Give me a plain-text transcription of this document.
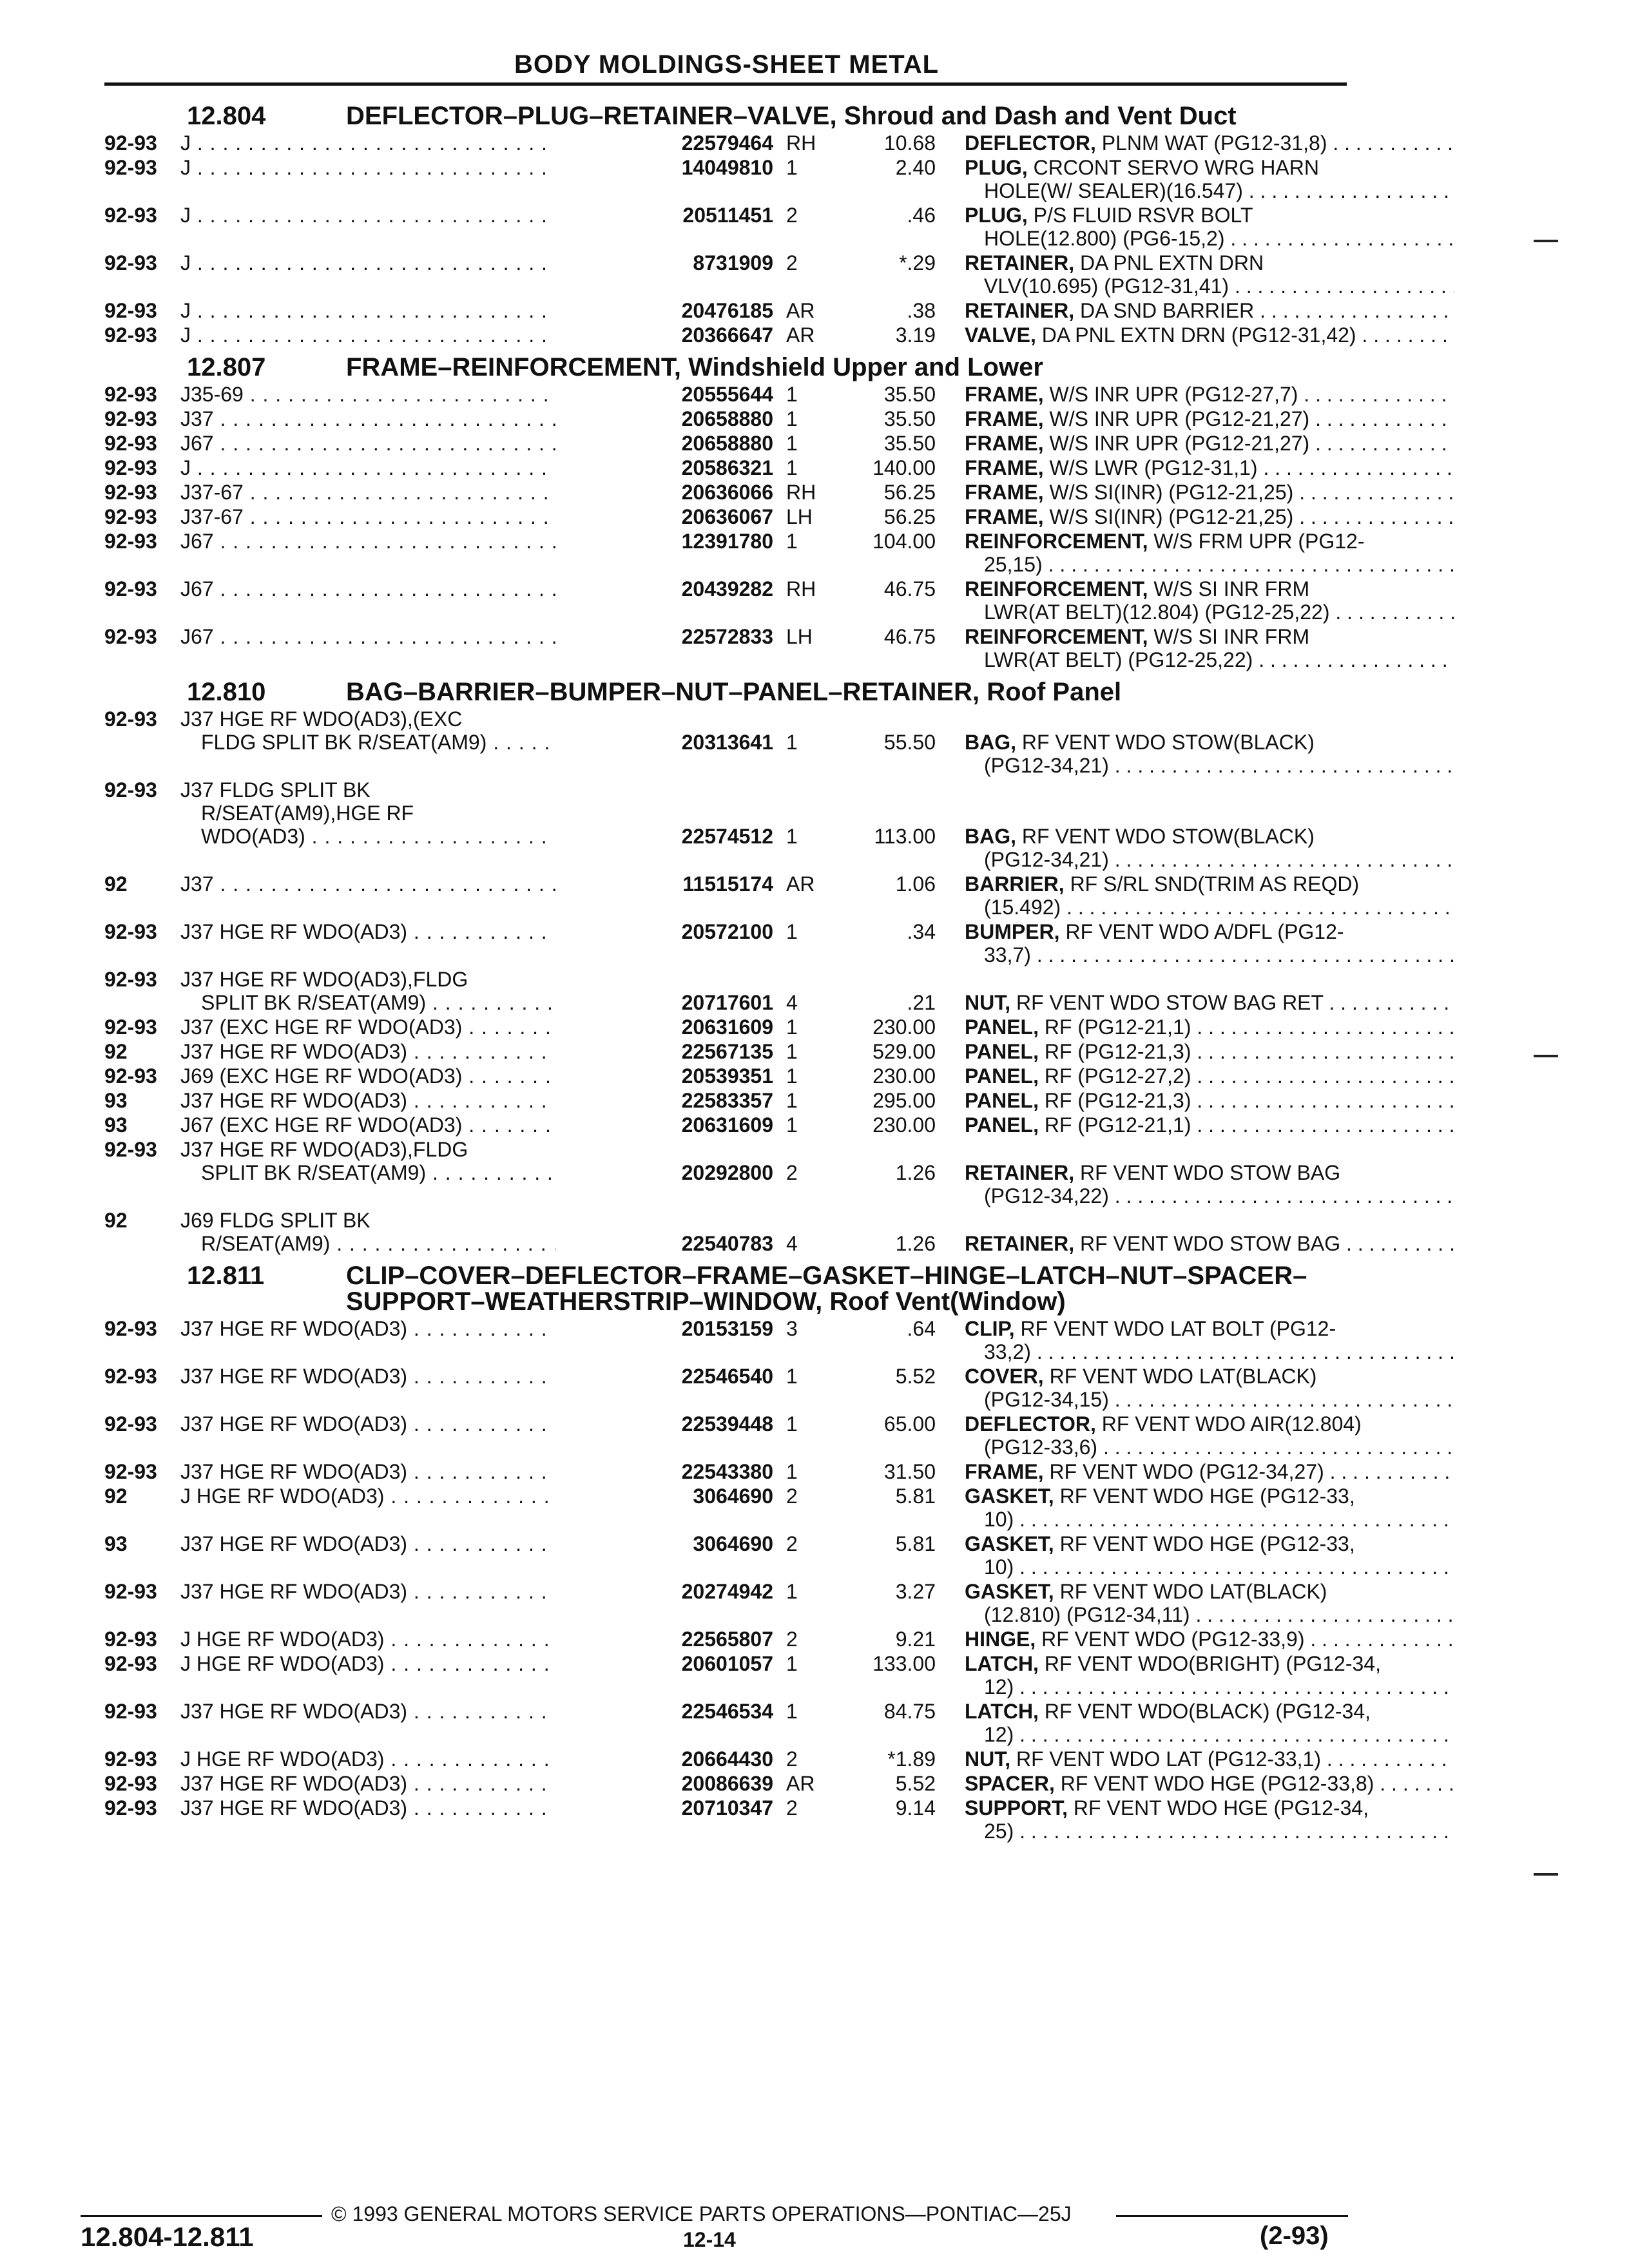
BODY MOLDINGS-SHEET METAL
12.804	DEFLECTOR–PLUG–RETAINER–VALVE, Shroud and Dash and Vent Duct
92-93	J . . .	22579464 RH	10.68 DEFLECTOR, PLNM WAT (PG12-31,8) . . .
92-93	J . . .	14049810 1	2.40 PLUG, CRCONT SERVO WRG HARN
HOLE(W/ SEALER)(16.547) . . .
92-93	J . . .	20511451 2	.46 PLUG, P/S FLUID RSVR BOLT
HOLE(12.800) (PG6-15,2) . . .
92-93	J . . .	8731909 2	*.29 RETAINER, DA PNL EXTN DRN
VLV(10.695) (PG12-31,41) . . .
92-93	J . . .	20476185 AR	.38 RETAINER, DA SND BARRIER . . .
92-93	J . . .	20366647 AR	3.19 VALVE, DA PNL EXTN DRN (PG12-31,42) . . .
12.807	FRAME–REINFORCEMENT, Windshield Upper and Lower
92-93	J35-69 . . .	20555644 1	35.50 FRAME, W/S INR UPR (PG12-27,7) . . .
92-93	J37 . . .	20658880 1	35.50 FRAME, W/S INR UPR (PG12-21,27) . . .
92-93	J67 . . .	20658880 1	35.50 FRAME, W/S INR UPR (PG12-21,27) . . .
92-93	J . . .	20586321 1	140.00 FRAME, W/S LWR (PG12-31,1) . . .
92-93	J37-67 . . .	20636066 RH	56.25 FRAME, W/S SI(INR) (PG12-21,25) . . .
92-93	J37-67 . . .	20636067 LH	56.25 FRAME, W/S SI(INR) (PG12-21,25) . . .
92-93	J67 . . .	12391780 1	104.00 REINFORCEMENT, W/S FRM UPR (PG12-
25,15) . . .
92-93	J67 . . .	20439282 RH	46.75 REINFORCEMENT, W/S SI INR FRM
LWR(AT BELT)(12.804) (PG12-25,22) . . .
92-93	J67 . . .	22572833 LH	46.75 REINFORCEMENT, W/S SI INR FRM
LWR(AT BELT) (PG12-25,22) . . .
12.810	BAG–BARRIER–BUMPER–NUT–PANEL–RETAINER, Roof Panel
92-93	J37 HGE RF WDO(AD3),(EXC
FLDG SPLIT BK R/SEAT(AM9) . . .	20313641 1	55.50 BAG, RF VENT WDO STOW(BLACK)
(PG12-34,21) . . .
92-93	J37 FLDG SPLIT BK
R/SEAT(AM9),HGE RF
WDO(AD3) . . .	22574512 1	113.00 BAG, RF VENT WDO STOW(BLACK)
(PG12-34,21) . . .
92	J37 . . .	11515174 AR	1.06 BARRIER, RF S/RL SND(TRIM AS REQD)
(15.492) . . .
92-93	J37 HGE RF WDO(AD3) . . .	20572100 1	.34 BUMPER, RF VENT WDO A/DFL (PG12-
33,7) . . .
92-93	J37 HGE RF WDO(AD3),FLDG
SPLIT BK R/SEAT(AM9) . . .	20717601 4	.21 NUT, RF VENT WDO STOW BAG RET . . .
92-93	J37 (EXC HGE RF WDO(AD3) . . .	20631609 1	230.00 PANEL, RF (PG12-21,1) . . .
92	J37 HGE RF WDO(AD3) . . .	22567135 1	529.00 PANEL, RF (PG12-21,3) . . .
92-93	J69 (EXC HGE RF WDO(AD3) . . .	20539351 1	230.00 PANEL, RF (PG12-27,2) . . .
93	J37 HGE RF WDO(AD3) . . .	22583357 1	295.00 PANEL, RF (PG12-21,3) . . .
93	J67 (EXC HGE RF WDO(AD3) . . .	20631609 1	230.00 PANEL, RF (PG12-21,1) . . .
92-93	J37 HGE RF WDO(AD3),FLDG
SPLIT BK R/SEAT(AM9) . . .	20292800 2	1.26 RETAINER, RF VENT WDO STOW BAG
(PG12-34,22) . . .
92	J69 FLDG SPLIT BK
R/SEAT(AM9) . . .	22540783 4	1.26 RETAINER, RF VENT WDO STOW BAG . . .
12.811	CLIP–COVER–DEFLECTOR–FRAME–GASKET–HINGE–LATCH–NUT–SPACER–SUPPORT–WEATHERSTRIP–WINDOW, Roof Vent(Window)
92-93	J37 HGE RF WDO(AD3) . . .	20153159 3	.64 CLIP, RF VENT WDO LAT BOLT (PG12-
33,2) . . .
92-93	J37 HGE RF WDO(AD3) . . .	22546540 1	5.52 COVER, RF VENT WDO LAT(BLACK)
(PG12-34,15) . . .
92-93	J37 HGE RF WDO(AD3) . . .	22539448 1	65.00 DEFLECTOR, RF VENT WDO AIR(12.804)
(PG12-33,6) . . .
92-93	J37 HGE RF WDO(AD3) . . .	22543380 1	31.50 FRAME, RF VENT WDO (PG12-34,27) . . .
92	J HGE RF WDO(AD3) . . .	3064690 2	5.81 GASKET, RF VENT WDO HGE (PG12-33,
10) . . .
93	J37 HGE RF WDO(AD3) . . .	3064690 2	5.81 GASKET, RF VENT WDO HGE (PG12-33,
10) . . .
92-93	J37 HGE RF WDO(AD3) . . .	20274942 1	3.27 GASKET, RF VENT WDO LAT(BLACK)
(12.810) (PG12-34,11) . . .
92-93	J HGE RF WDO(AD3) . . .	22565807 2	9.21 HINGE, RF VENT WDO (PG12-33,9) . . .
92-93	J HGE RF WDO(AD3) . . .	20601057 1	133.00 LATCH, RF VENT WDO(BRIGHT) (PG12-34,
12) . . .
92-93	J37 HGE RF WDO(AD3) . . .	22546534 1	84.75 LATCH, RF VENT WDO(BLACK) (PG12-34,
12) . . .
92-93	J HGE RF WDO(AD3) . . .	20664430 2	*1.89 NUT, RF VENT WDO LAT (PG12-33,1) . . .
92-93	J37 HGE RF WDO(AD3) . . .	20086639 AR	5.52 SPACER, RF VENT WDO HGE (PG12-33,8) . . .
92-93	J37 HGE RF WDO(AD3) . . .	20710347 2	9.14 SUPPORT, RF VENT WDO HGE (PG12-34,
25) . . .
© 1993 GENERAL MOTORS SERVICE PARTS OPERATIONS—PONTIAC—25J
12.804-12.811	12-14	(2-93)
